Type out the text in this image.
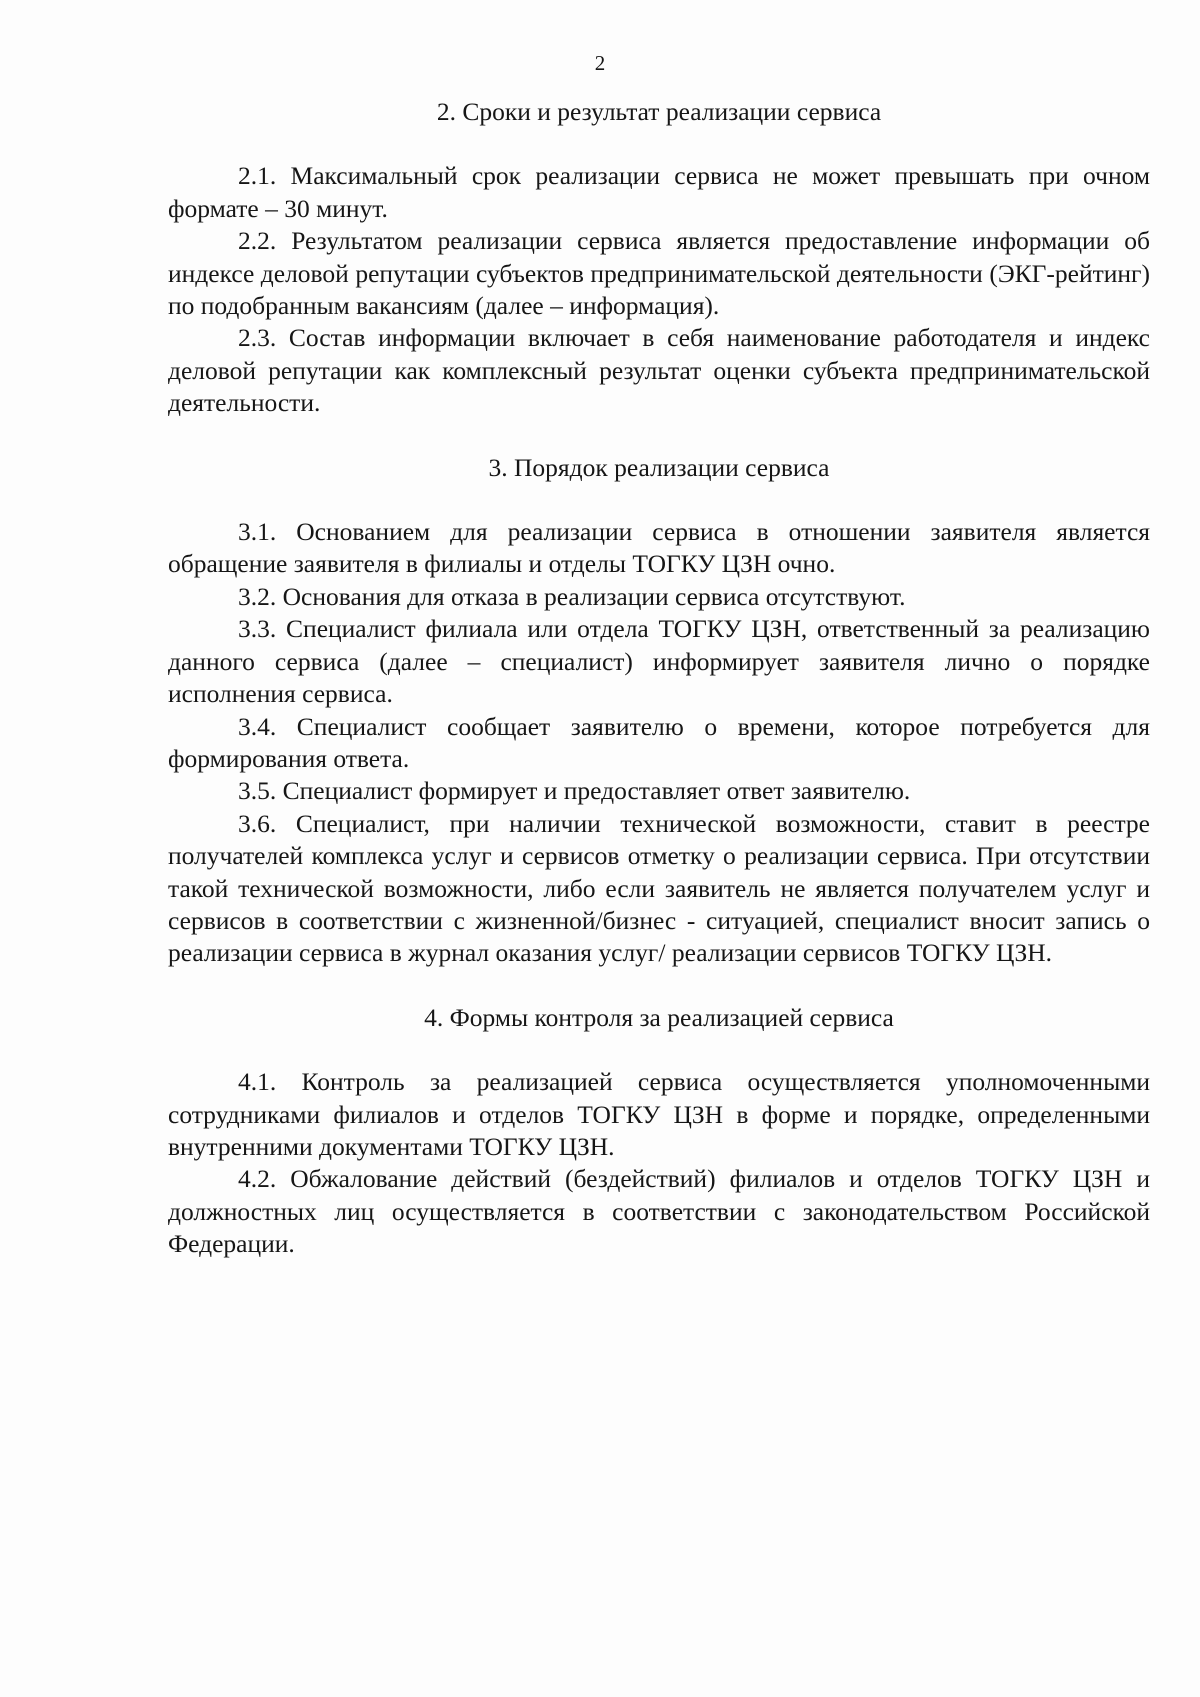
2

2. Сроки и результат реализации сервиса

2.1. Максимальный срок реализации сервиса не может превышать при очном формате – 30 минут.

2.2. Результатом реализации сервиса является предоставление информации об индексе деловой репутации субъектов предпринимательской деятельности (ЭКГ-рейтинг) по подобранным вакансиям (далее – информация).

2.3. Состав информации включает в себя наименование работодателя и индекс деловой репутации как комплексный результат оценки субъекта предпринимательской деятельности.

3. Порядок реализации сервиса

3.1. Основанием для реализации сервиса в отношении заявителя является обращение заявителя в филиалы и отделы ТОГКУ ЦЗН очно.

3.2. Основания для отказа в реализации сервиса отсутствуют.

3.3. Специалист филиала или отдела ТОГКУ ЦЗН, ответственный за реализацию данного сервиса (далее – специалист) информирует заявителя лично о порядке исполнения сервиса.

3.4. Специалист сообщает заявителю о времени, которое потребуется для формирования ответа.

3.5. Специалист формирует и предоставляет ответ заявителю.

3.6. Специалист, при наличии технической возможности, ставит в реестре получателей комплекса услуг и сервисов отметку о реализации сервиса. При отсутствии такой технической возможности, либо если заявитель не является получателем услуг и сервисов в соответствии с жизненной/бизнес - ситуацией, специалист вносит запись о реализации сервиса в журнал оказания услуг/ реализации сервисов ТОГКУ ЦЗН.

4. Формы контроля за реализацией сервиса

4.1. Контроль за реализацией сервиса осуществляется уполномоченными сотрудниками филиалов и отделов ТОГКУ ЦЗН в форме и порядке, определенными внутренними документами ТОГКУ ЦЗН.

4.2. Обжалование действий (бездействий) филиалов и отделов ТОГКУ ЦЗН и должностных лиц осуществляется в соответствии с законодательством Российской Федерации.
